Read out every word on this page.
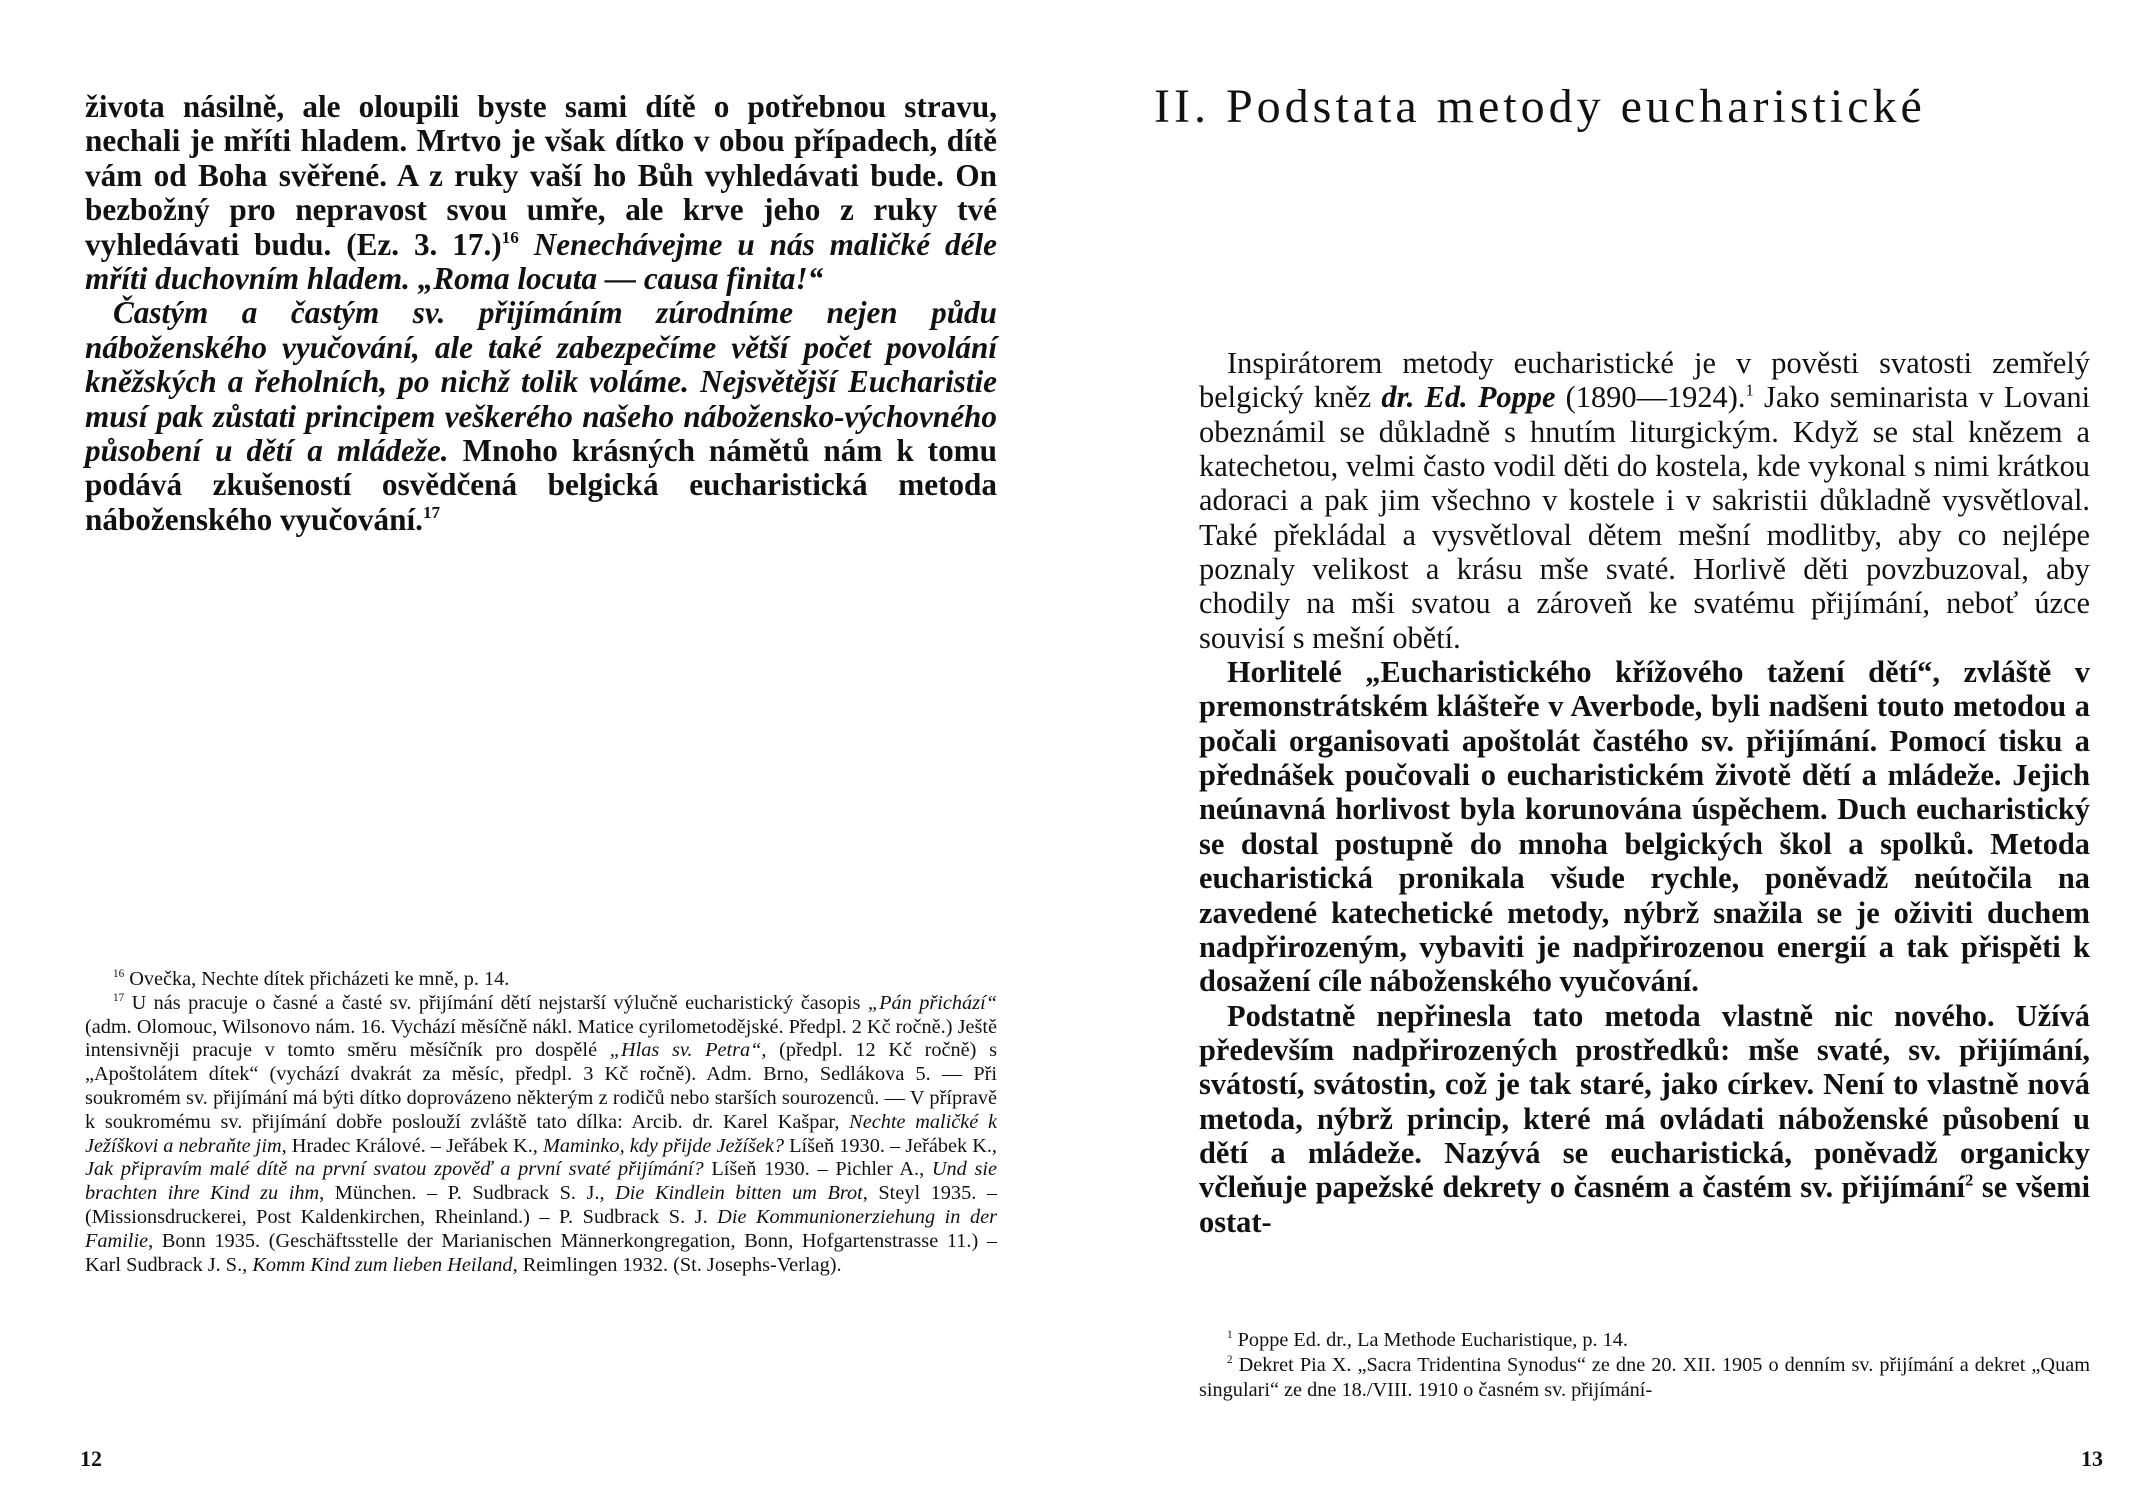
života násilně, ale oloupili byste sami dítě o potřebnou stravu, nechali je mříti hladem. Mrtvo je však dítko v obou případech, dítě vám od Boha svěřené. A z ruky vaší ho Bůh vyhledávati bude. On bezbožný pro nepravost svou umře, ale krve jeho z ruky tvé vyhledávati budu. (Ez. 3. 17.)$^{16}$ Nenechávejme u nás maličké déle mříti duchovním hladem. „Roma locuta — causa finita!“

Častým a častým sv. přijímáním zúrodníme nejen půdu náboženského vyučování, ale také zabezpečíme větší počet povolání kněžských a řeholních, po nichž tolik voláme. Nejsvětější Eucharistie musí pak zůstati principem veškerého našeho nábožensko-výchovného působení u dětí a mládeže. Mnoho krásných námětů nám k tomu podává zkušeností osvědčená belgická eucharistická metoda náboženského vyučování.$^{17}$

$^{16}$ Ovečka, Nechte dítek přicházeti ke mně, p. 14.

$^{17}$ U nás pracuje o časné a časté sv. přijímání dětí nejstarší výlučně eucharistický časopis „Pán přichází“ (adm. Olomouc, Wilsonovo nám. 16. Vychází měsíčně nákl. Matice cyrilometodějské. Předpl. 2 Kč ročně.) Ještě intensivněji pracuje v tomto směru měsíčník pro dospělé „Hlas sv. Petra“, (předpl. 12 Kč ročně) s „Apoštolátem dítek“ (vychází dvakrát za měsíc, předpl. 3 Kč ročně). Adm. Brno, Sedlákova 5. — Při soukromém sv. přijímání má býti dítko doprovázeno některým z rodičů nebo starších sourozenců. — V přípravě k soukromému sv. přijímání dobře poslouží zvláště tato dílka: Arcib. dr. Karel Kašpar, Nechte maličké k Ježíškovi a nebraňte jim, Hradec Králové. – Jeřábek K., Maminko, kdy přijde Ježíšek? Líšeň 1930. – Jeřábek K., Jak připravím malé dítě na první svatou zpověď a první svaté přijímání? Líšeň 1930. – Pichler A., Und sie brachten ihre Kind zu ihm, München. – P. Sudbrack S. J., Die Kindlein bitten um Brot, Steyl 1935. – (Missionsdruckerei, Post Kaldenkirchen, Rheinland.) – P. Sudbrack S. J. Die Kommunionerziehung in der Familie, Bonn 1935. (Geschäftsstelle der Marianischen Männerkongregation, Bonn, Hofgartenstrasse 11.) – Karl Sudbrack J. S., Komm Kind zum lieben Heiland, Reimlingen 1932. (St. Josephs-Verlag).

12
II. Podstata metody eucharistické

Inspirátorem metody eucharistické je v pověsti svatosti zemřelý belgický kněz dr. Ed. Poppe (1890—1924).$^1$ Jako seminarista v Lovani obeznámil se důkladně s hnutím liturgickým. Když se stal knězem a katechetou, velmi často vodil děti do kostela, kde vykonal s nimi krátkou adoraci a pak jim všechno v kostele i v sakristii důkladně vysvětloval. Také překládal a vysvětloval dětem mešní modlitby, aby co nejlépe poznaly velikost a krásu mše svaté. Horlivě děti povzbuzoval, aby chodily na mši svatou a zároveň ke svatému přijímání, neboť úzce souvisí s mešní obětí.

Horlitelé „Eucharistického křížového tažení dětí“, zvláště v premonstrátském klášteře v Averbode, byli nadšeni touto metodou a počali organisovati apoštolát častého sv. přijímání. Pomocí tisku a přednášek poučovali o eucharistickém životě dětí a mládeže. Jejich neúnavná horlivost byla korunována úspěchem. Duch eucharistický se dostal postupně do mnoha belgických škol a spolků. Metoda eucharistická pronikala všude rychle, poněvadž neútočila na zavedené katechetické metody, nýbrž snažila se je oživiti duchem nadpřirozeným, vybaviti je nadpřirozenou energií a tak přispěti k dosažení cíle náboženského vyučování.

Podstatně nepřinesla tato metoda vlastně nic nového. Užívá především nadpřirozených prostředků: mše svaté, sv. přijímání, svátostí, svátostin, což je tak staré, jako církev. Není to vlastně nová metoda, nýbrž princip, které má ovládati náboženské působení u dětí a mládeže. Nazývá se eucharistická, poněvadž organicky včleňuje papežské dekrety o časném a častém sv. přijímání$^2$ se všemi ostat-

$^1$ Poppe Ed. dr., La Methode Eucharistique, p. 14.

$^2$ Dekret Pia X. „Sacra Tridentina Synodus“ ze dne 20. XII. 1905 o denním sv. přijímání a dekret „Quam singulari“ ze dne 18./VIII. 1910 o časném sv. přijímání-

13
